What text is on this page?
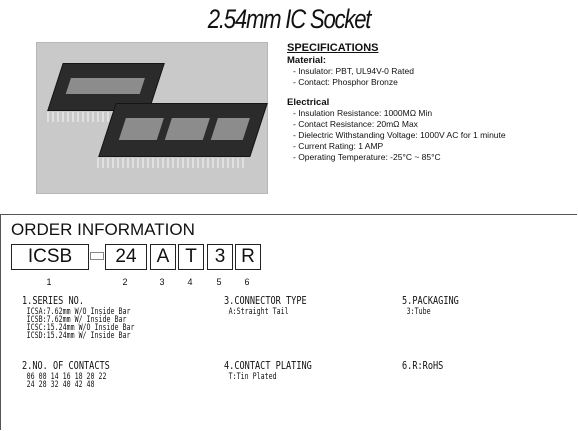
2.54mm IC Socket
SPECIFICATIONS
Material:
- Insulator: PBT, UL94V-0 Rated
- Contact: Phosphor Bronze
Electrical
- Insulation Resistance: 1000MΩ Min
- Contact Resistance: 20mΩ Max
- Dielectric Withstanding Voltage: 1000V AC for 1 minute
- Current Rating: 1 AMP
- Operating Temperature: -25°C ~ 85°C
ORDER INFORMATION
ICSB	24	A T 3 R
1	2	3	4	5	6
1.SERIES NO.
ICSA:7.62mm W/O Inside Bar
ICSB:7.62mm W/ Inside Bar
ICSC:15.24mm W/O Inside Bar
ICSD:15.24mm W/ Inside Bar
2.NO. OF CONTACTS
06 08 14 16 18 20 22
24 28 32 40 42 48
3.CONNECTOR TYPE
A:Straight Tail
4.CONTACT PLATING
T:Tin Plated
5.PACKAGING
3:Tube
6.R:RoHS
